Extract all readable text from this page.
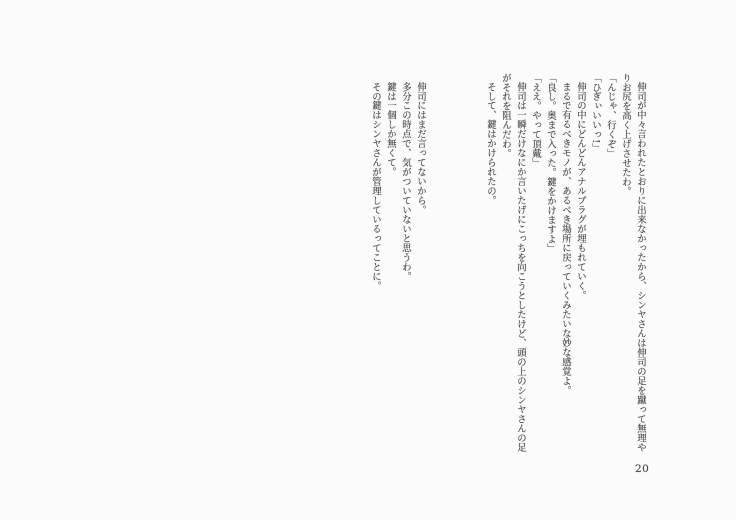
伸司が中々言われたとおりに出来なかったから、シンヤさんは伸司の足を蹴って無理や

りお尻を高く上げさせたわ。

「んじゃ、行くぞ」

「ひぎぃいいっ!」

伸司の中にどんどんアナルプラグが埋もれていく。

まるで有るべきモノが、あるべき場所に戻っていくみたいな妙な感覚よ。

「良し。奥まで入った。鍵をかけますよ」

「ええ。やって頂戴」

伸司は一瞬だけなにか言いたげにこっちを向こうとしたけど、頭の上のシンヤさんの足

がそれを阻んだわ。

そして、鍵はかけられたの。

伸司にはまだ言ってないから。

多分この時点で、気がついていないと思うわ。

鍵は一個しか無くて。

その鍵はシンヤさんが管理しているってことに。

20
